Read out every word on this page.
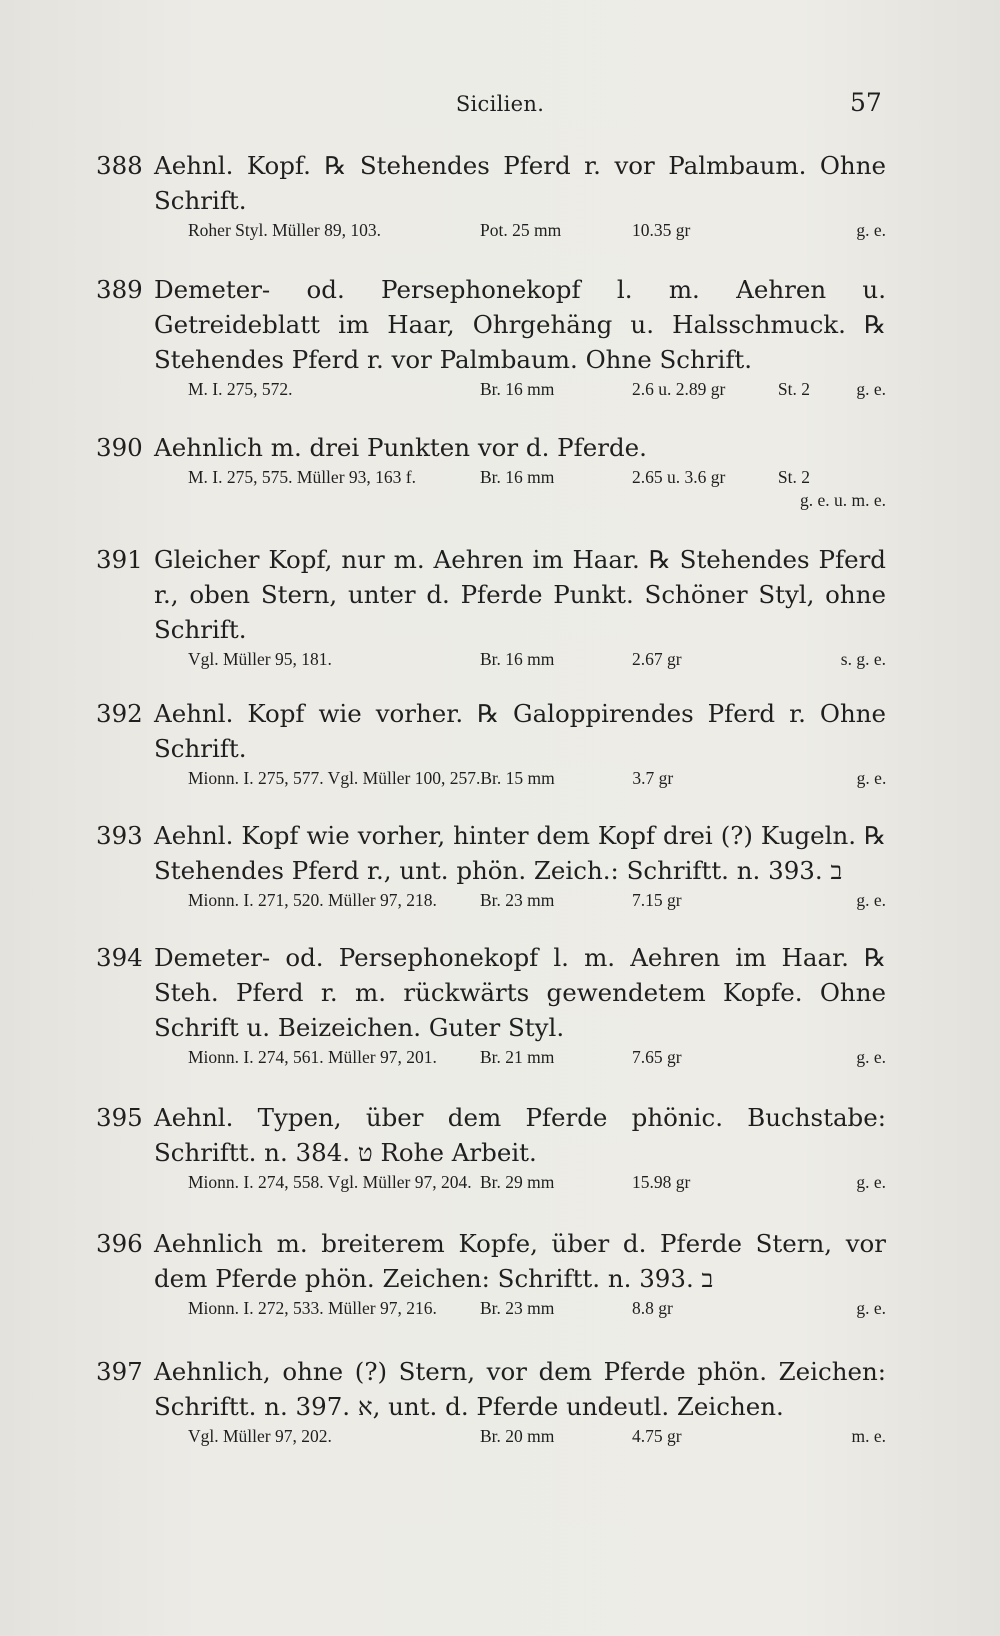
Sicilien.	57

388 Aehnl. Kopf. ℞ Stehendes Pferd r. vor Palmbaum. Ohne Schrift.

Roher Styl. Müller 89, 103.	Pot. 25 mm	10.35 gr	g. e.

389 Demeter- od. Persephonekopf l. m. Aehren u. Getreideblatt im Haar, Ohrgehäng u. Halsschmuck. ℞ Stehendes Pferd r. vor Palmbaum. Ohne Schrift.

M. I. 275, 572.	Br. 16 mm	2.6 u. 2.89 gr	St. 2	g. e.

390 Aehnlich m. drei Punkten vor d. Pferde.

M. I. 275, 575. Müller 93, 163 f.	Br. 16 mm	2.65 u. 3.6 gr	St. 2
g. e. u. m. e.

391 Gleicher Kopf, nur m. Aehren im Haar. ℞ Stehendes Pferd r., oben Stern, unter d. Pferde Punkt. Schöner Styl, ohne Schrift.

Vgl. Müller 95, 181.	Br. 16 mm	2.67 gr	s. g. e.

392 Aehnl. Kopf wie vorher. ℞ Galoppirendes Pferd r. Ohne Schrift.

Mionn. I. 275, 577. Vgl. Müller 100, 257. Br. 15 mm	3.7 gr	g. e.

393 Aehnl. Kopf wie vorher, hinter dem Kopf drei (?) Kugeln. ℞ Stehendes Pferd r., unt. phön. Zeich.: Schriftt. n. 393. ב

Mionn. I. 271, 520. Müller 97, 218.	Br. 23 mm	7.15 gr	g. e.

394 Demeter- od. Persephonekopf l. m. Aehren im Haar. ℞ Steh. Pferd r. m. rückwärts gewendetem Kopfe. Ohne Schrift u. Beizeichen. Guter Styl.

Mionn. I. 274, 561. Müller 97, 201.	Br. 21 mm	7.65 gr	g. e.

395 Aehnl. Typen, über dem Pferde phönic. Buchstabe: Schriftt. n. 384. ט Rohe Arbeit.

Mionn. I. 274, 558. Vgl. Müller 97, 204. Br. 29 mm	15.98 gr	g. e.

396 Aehnlich m. breiterem Kopfe, über d. Pferde Stern, vor dem Pferde phön. Zeichen: Schriftt. n. 393. ב

Mionn. I. 272, 533. Müller 97, 216.	Br. 23 mm	8.8 gr	g. e.

397 Aehnlich, ohne (?) Stern, vor dem Pferde phön. Zeichen: Schriftt. n. 397. א, unt. d. Pferde undeutl. Zeichen.

Vgl. Müller 97, 202.	Br. 20 mm	4.75 gr	m. e.
